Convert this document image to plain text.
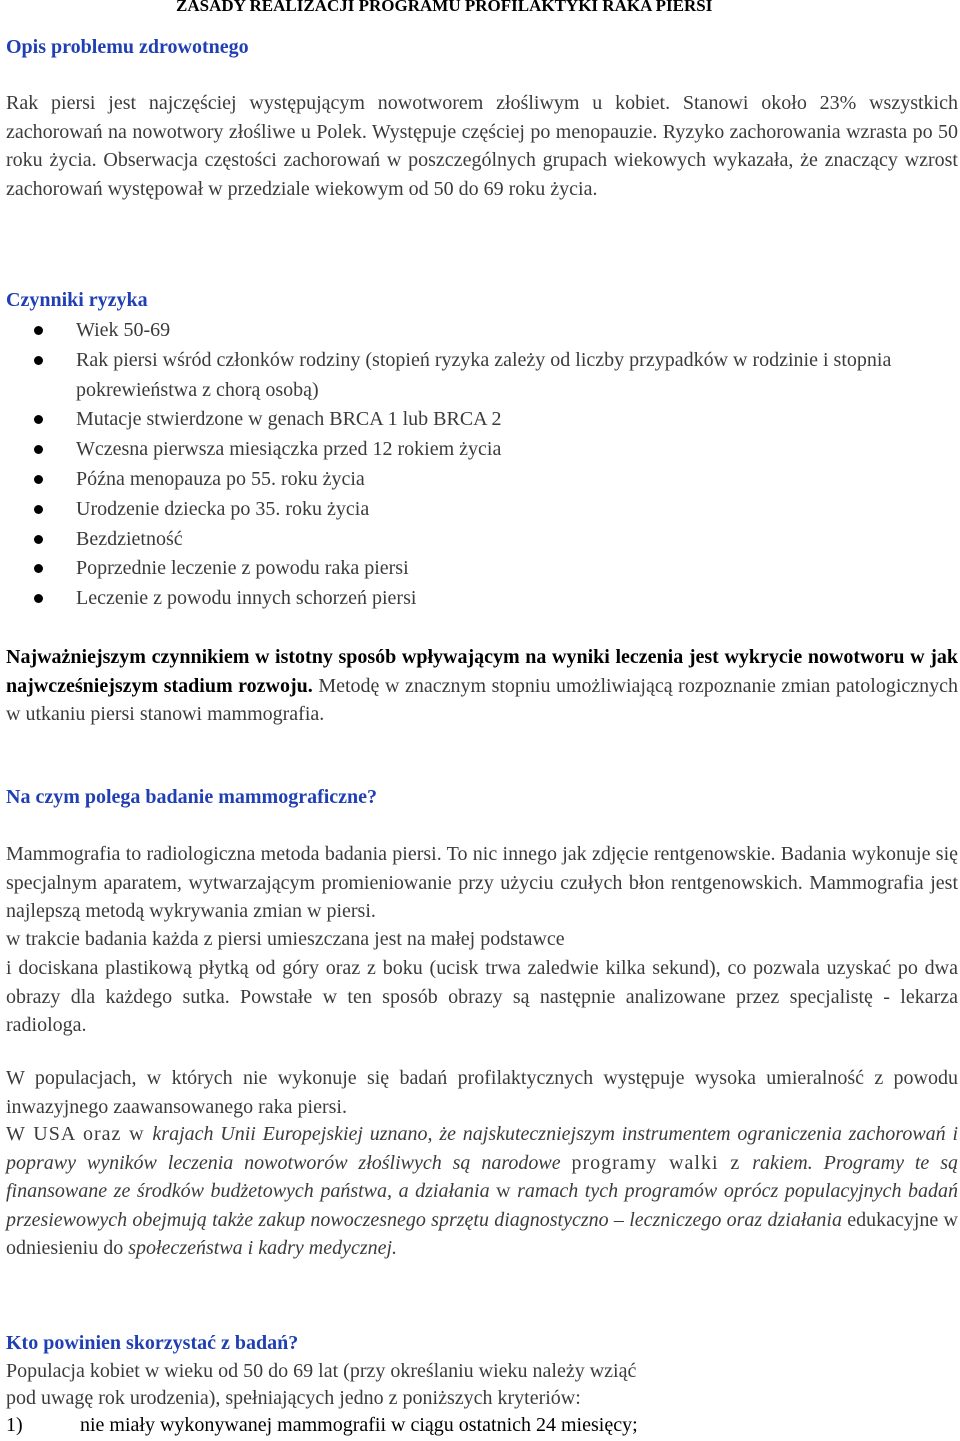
ZASADY REALIZACJI PROGRAMU PROFILAKTYKI RAKA PIERSI
Opis problemu zdrowotnego
Rak piersi jest najczęściej występującym nowotworem złośliwym u kobiet. Stanowi około 23% wszystkich zachorowań na nowotwory złośliwe u Polek. Występuje częściej po menopauzie. Ryzyko zachorowania wzrasta po 50 roku życia. Obserwacja częstości zachorowań w poszczególnych grupach wiekowych wykazała, że znaczący wzrost zachorowań występował w przedziale wiekowym od 50 do 69 roku życia.
Czynniki ryzyka
Wiek 50-69
Rak piersi wśród członków rodziny (stopień ryzyka zależy od liczby przypadków w rodzinie i stopnia pokrewieństwa z chorą osobą)
Mutacje stwierdzone w genach BRCA 1 lub BRCA 2
Wczesna pierwsza miesiączka przed 12 rokiem życia
Późna menopauza po 55. roku życia
Urodzenie dziecka po 35. roku życia
Bezdzietność
Poprzednie leczenie z powodu raka piersi
Leczenie z powodu innych schorzeń piersi
Najważniejszym czynnikiem w istotny sposób wpływającym na wyniki leczenia jest wykrycie nowotworu w jak najwcześniejszym stadium rozwoju. Metodę w znacznym stopniu umożliwiającą rozpoznanie zmian patologicznych w utkaniu piersi stanowi mammografia.
Na czym polega badanie mammograficzne?
Mammografia to radiologiczna metoda badania piersi. To nic innego jak zdjęcie rentgenowskie. Badania wykonuje się specjalnym aparatem, wytwarzającym promieniowanie przy użyciu czułych błon rentgenowskich. Mammografia jest najlepszą metodą wykrywania zmian w piersi.
w trakcie badania każda z piersi umieszczana jest na małej podstawce
i dociskana plastikową płytką od góry oraz z boku (ucisk trwa zaledwie kilka sekund), co pozwala uzyskać po dwa obrazy dla każdego sutka. Powstałe w ten sposób obrazy są następnie analizowane przez specjalistę - lekarza radiologa.
W populacjach, w których nie wykonuje się badań profilaktycznych występuje wysoka umieralność z powodu inwazyjnego zaawansowanego raka piersi.
W USA oraz w krajach Unii Europejskiej uznano, że najskuteczniejszym instrumentem ograniczenia zachorowań i poprawy wyników leczenia nowotworów złośliwych są narodowe programy walki z rakiem. Programy te są finansowane ze środków budżetowych państwa, a działania w ramach tych programów oprócz populacyjnych badań przesiewowych obejmują także zakup nowoczesnego sprzętu diagnostyczno – leczniczego oraz działania edukacyjne w odniesieniu do społeczeństwa i kadry medycznej.
Kto powinien skorzystać z badań?
Populacja kobiet w wieku od 50 do 69 lat (przy określaniu wieku należy wziąć
pod uwagę rok urodzenia), spełniających jedno z poniższych kryteriów:
1)	nie miały wykonywanej mammografii w ciągu ostatnich 24 miesięcy;
